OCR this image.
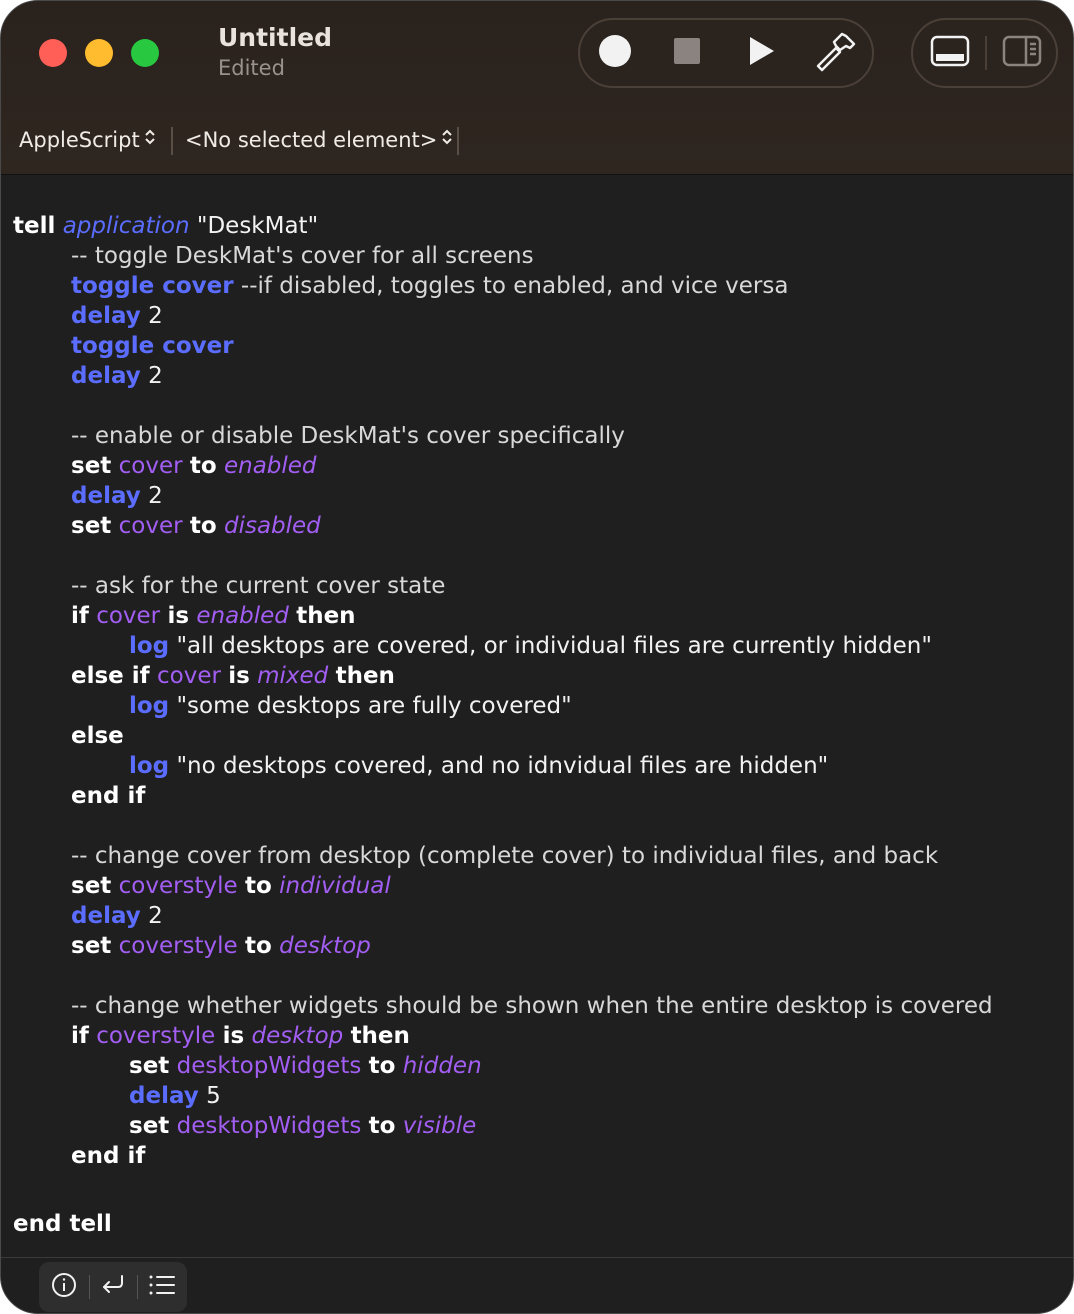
Untitled
Edited
AppleScript <No selected element>
tell application "DeskMat"
-- toggle DeskMat's cover for all screens
toggle cover --if disabled, toggles to enabled, and vice versa
delay 2
toggle cover
delay 2
-- enable or disable DeskMat's cover specifically
set cover to enabled
delay 2
set cover to disabled
-- ask for the current cover state
if cover is enabled then
log "all desktops are covered, or individual files are currently hidden"
else if cover is mixed then
log "some desktops are fully covered"
else
log "no desktops covered, and no idnvidual files are hidden"
end if
-- change cover from desktop (complete cover) to individual files, and back
set coverstyle to individual
delay 2
set coverstyle to desktop
-- change whether widgets should be shown when the entire desktop is covered
if coverstyle is desktop then
set desktopWidgets to hidden
delay 5
set desktopWidgets to visible
end if
end tell
